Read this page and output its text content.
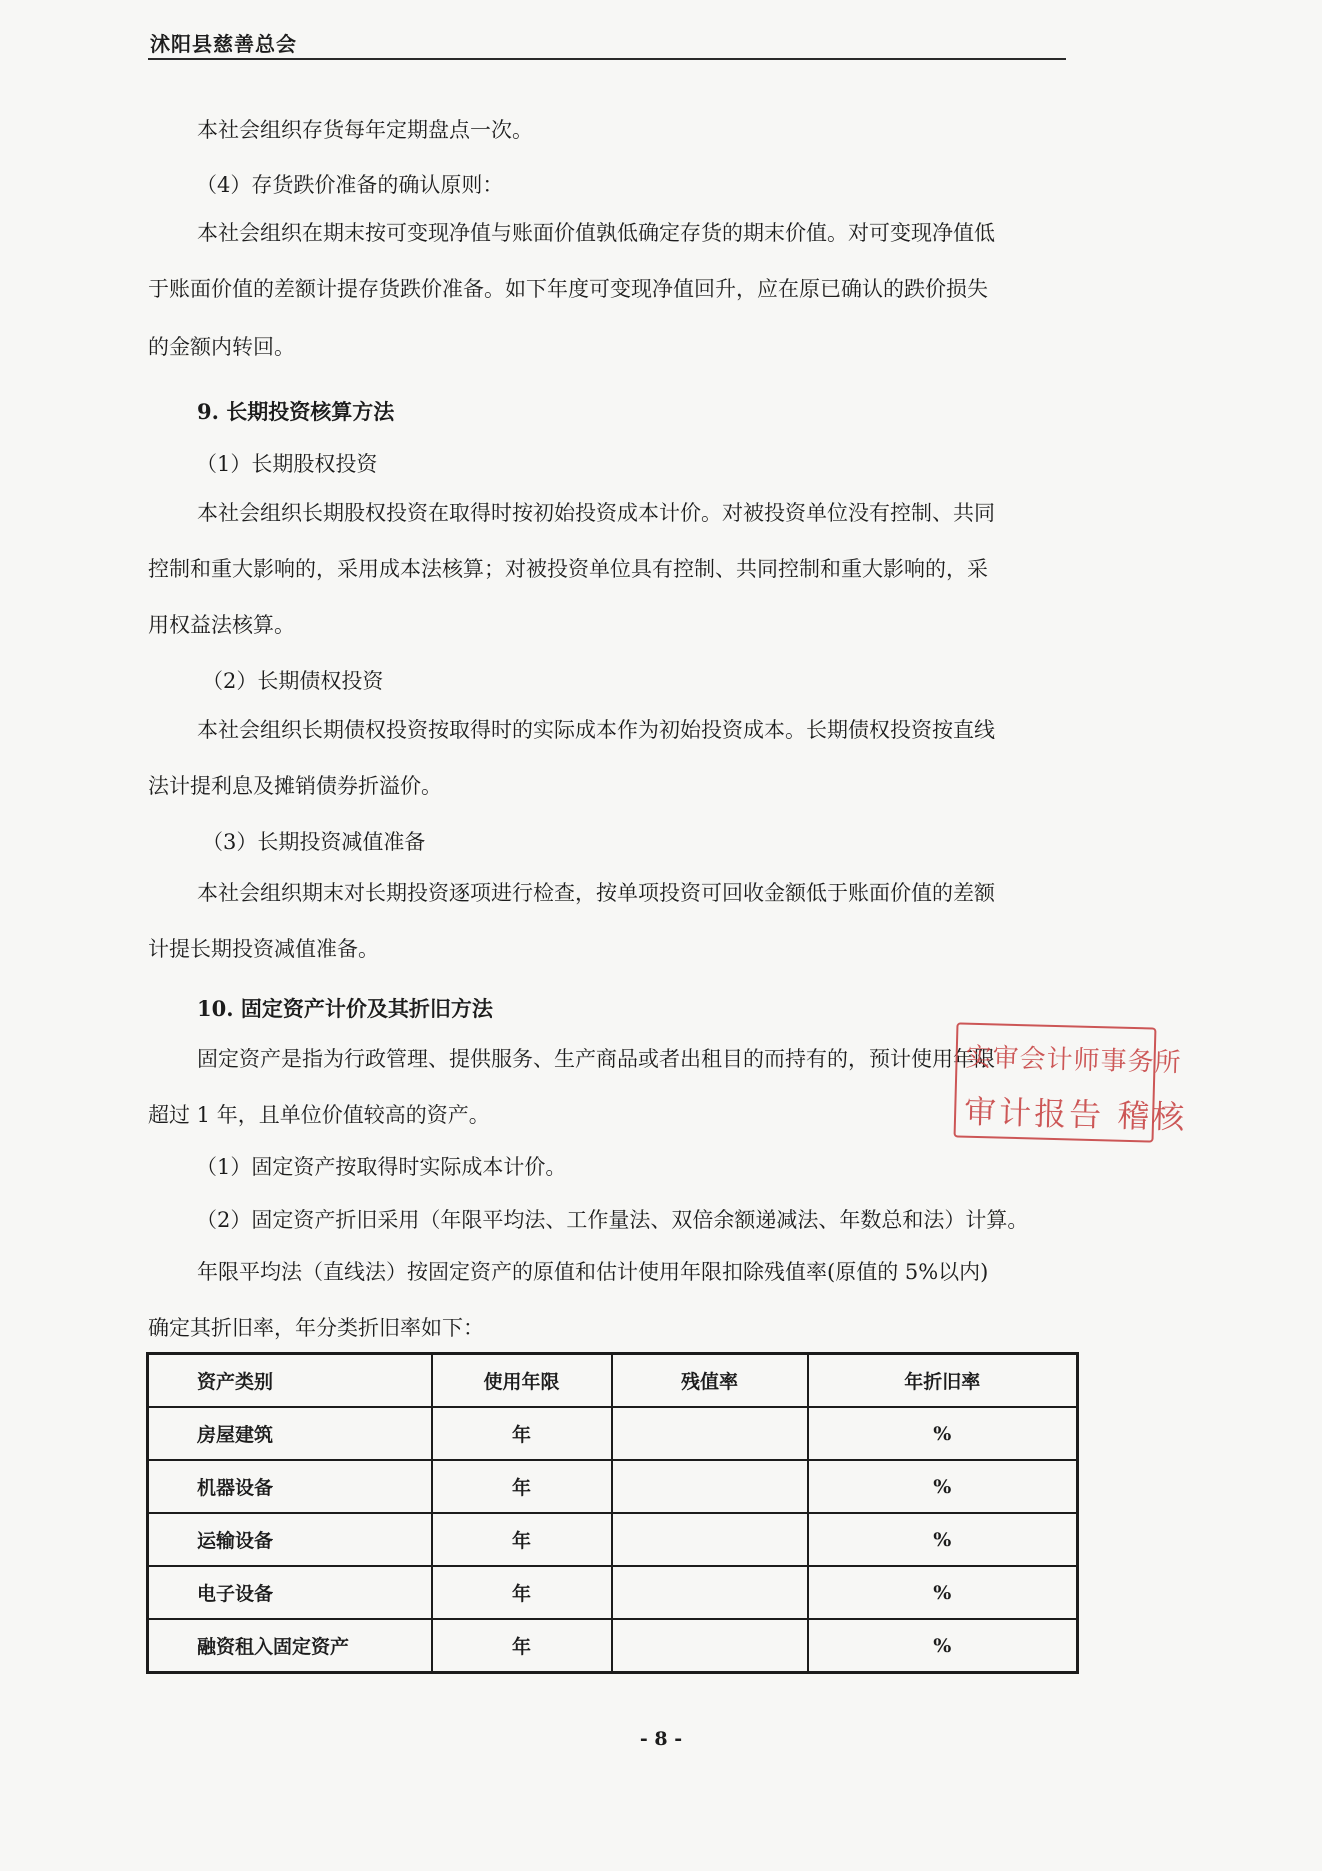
沭阳县慈善总会
本社会组织存货每年定期盘点一次。
（4）存货跌价准备的确认原则：
本社会组织在期末按可变现净值与账面价值孰低确定存货的期末价值。对可变现净值低
于账面价值的差额计提存货跌价准备。如下年度可变现净值回升，应在原已确认的跌价损失
的金额内转回。
9. 长期投资核算方法
（1）长期股权投资
本社会组织长期股权投资在取得时按初始投资成本计价。对被投资单位没有控制、共同
控制和重大影响的，采用成本法核算；对被投资单位具有控制、共同控制和重大影响的，采
用权益法核算。
（2）长期债权投资
本社会组织长期债权投资按取得时的实际成本作为初始投资成本。长期债权投资按直线
法计提利息及摊销债券折溢价。
（3）长期投资减值准备
本社会组织期末对长期投资逐项进行检查，按单项投资可回收金额低于账面价值的差额
计提长期投资减值准备。
10. 固定资产计价及其折旧方法
固定资产是指为行政管理、提供服务、生产商品或者出租目的而持有的，预计使用年限
超过 1 年，且单位价值较高的资产。
（1）固定资产按取得时实际成本计价。
（2）固定资产折旧采用（年限平均法、工作量法、双倍余额递减法、年数总和法）计算。
年限平均法（直线法）按固定资产的原值和估计使用年限扣除残值率(原值的 5%以内)
确定其折旧率，年分类折旧率如下：
实审会计师事务所
审计报告 稽核
资产类别	使用年限	残值率	年折旧率
房屋建筑	年		%
机器设备	年		%
运输设备	年		%
电子设备	年		%
融资租入固定资产	年		%
- 8 -
